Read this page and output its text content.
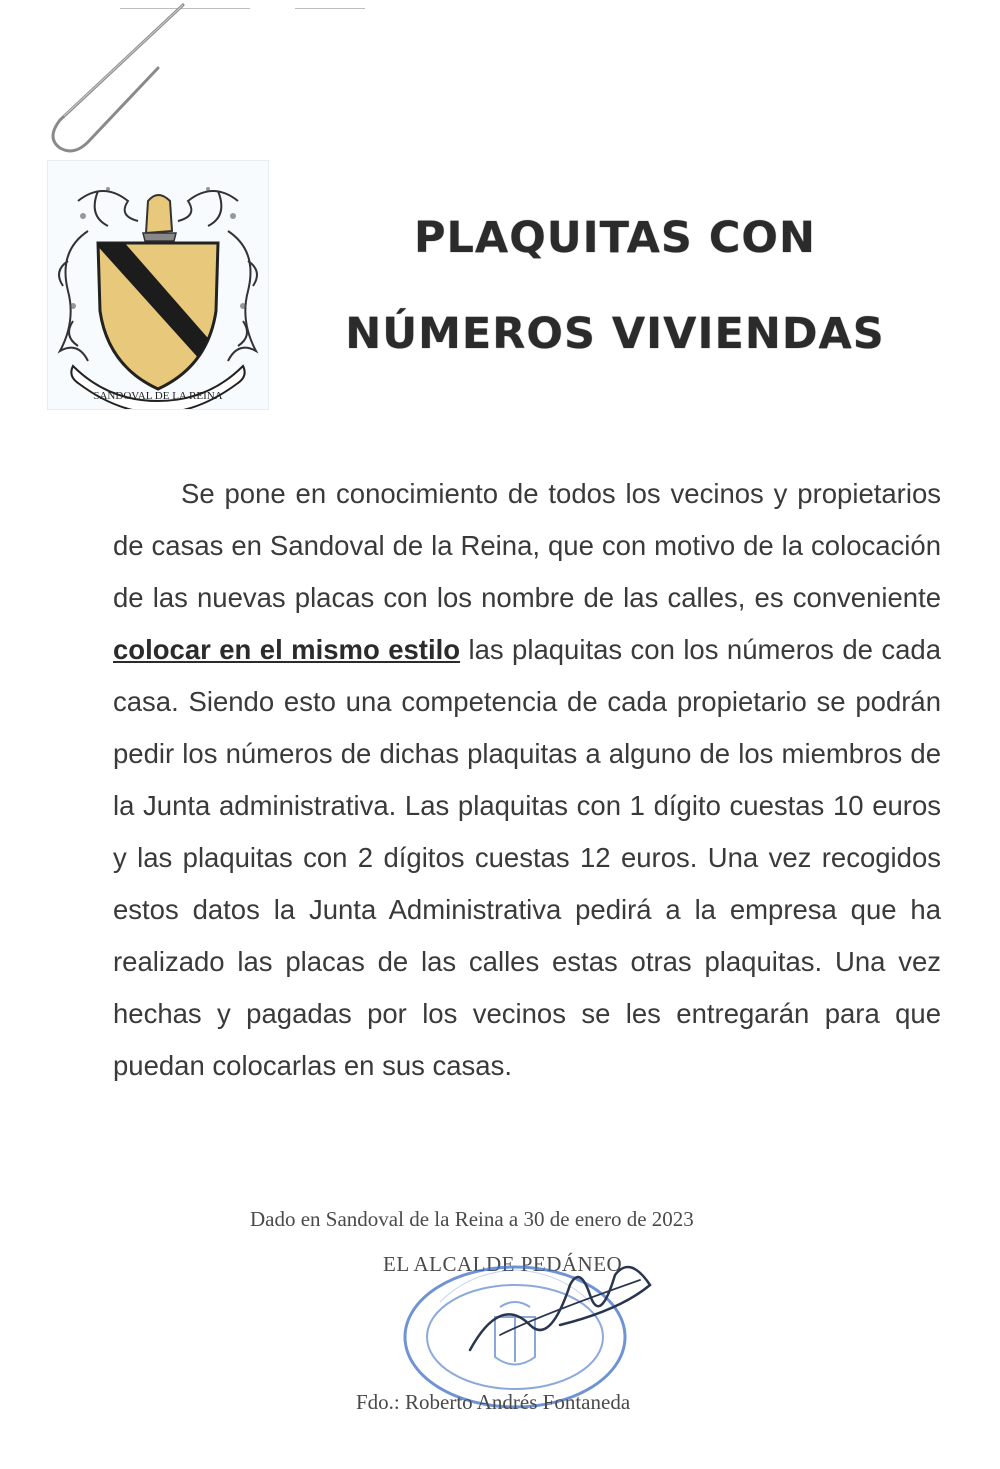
SANDOVAL DE LA REINA
PLAQUITAS CON
NÚMEROS VIVIENDAS

Se pone en conocimiento de todos los vecinos y propietarios de casas en Sandoval de la Reina, que con motivo de la colocación de las nuevas placas con los nombre de las calles, es conveniente colocar en el mismo estilo las plaquitas con los números de cada casa. Siendo esto una competencia de cada propietario se podrán pedir los números de dichas plaquitas a alguno de los miembros de la Junta administrativa. Las plaquitas con 1 dígito cuestas 10 euros y las plaquitas con 2 dígitos cuestas 12 euros. Una vez recogidos estos datos la Junta Administrativa pedirá a la empresa que ha realizado las placas de las calles estas otras plaquitas. Una vez hechas y pagadas por los vecinos se les entregarán para que puedan colocarlas en sus casas.

Dado en Sandoval de la Reina a 30 de enero de 2023
EL ALCALDE PEDÁNEO
Fdo.: Roberto Andrés Fontaneda
